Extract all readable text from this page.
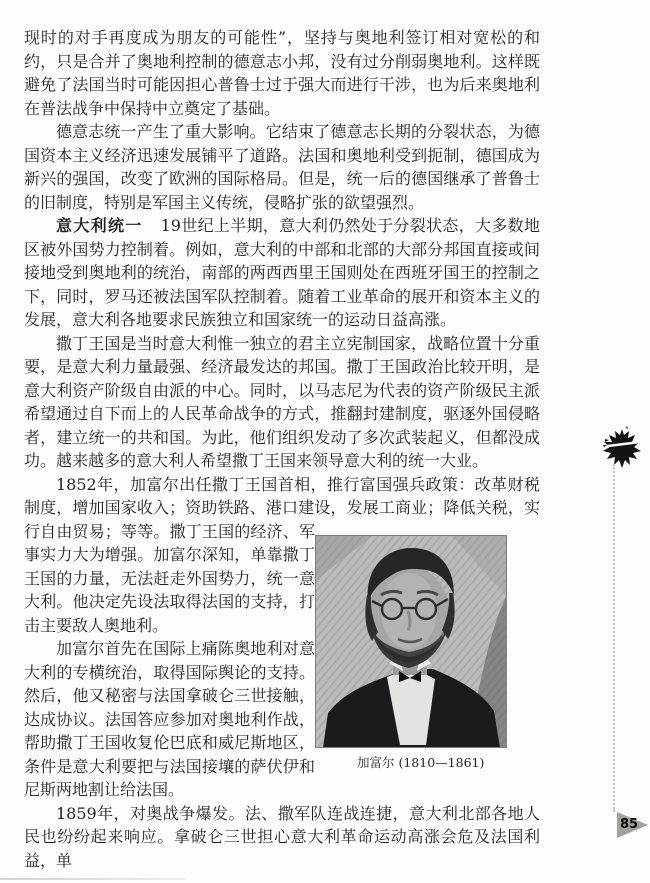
现时的对手再度成为朋友的可能性”，坚持与奥地利签订相对宽松的和约，只是合并了奥地利控制的德意志小邦，没有过分削弱奥地利。这样既避免了法国当时可能因担心普鲁士过于强大而进行干涉，也为后来奥地利在普法战争中保持中立奠定了基础。

德意志统一产生了重大影响。它结束了德意志长期的分裂状态，为德国资本主义经济迅速发展铺平了道路。法国和奥地利受到扼制，德国成为新兴的强国，改变了欧洲的国际格局。但是，统一后的德国继承了普鲁士的旧制度，特别是军国主义传统，侵略扩张的欲望强烈。

意大利统一 19世纪上半期，意大利仍然处于分裂状态，大多数地区被外国势力控制着。例如，意大利的中部和北部的大部分邦国直接或间接地受到奥地利的统治，南部的两西西里王国则处在西班牙国王的控制之下，同时，罗马还被法国军队控制着。随着工业革命的展开和资本主义的发展，意大利各地要求民族独立和国家统一的运动日益高涨。

撒丁王国是当时意大利惟一独立的君主立宪制国家，战略位置十分重要，是意大利力量最强、经济最发达的邦国。撒丁王国政治比较开明，是意大利资产阶级自由派的中心。同时，以马志尼为代表的资产阶级民主派希望通过自下而上的人民革命战争的方式，推翻封建制度，驱逐外国侵略者，建立统一的共和国。为此，他们组织发动了多次武装起义，但都没成功。越来越多的意大利人希望撒丁王国来领导意大利的统一大业。

加富尔 (1810—1861)

1852年，加富尔出任撒丁王国首相，推行富国强兵政策：改革财税制度，增加国家收入；资助铁路、港口建设，发展工商业；降低关税，实行自由贸易；等等。撒丁王国的经济、军事实力大为增强。加富尔深知，单靠撒丁王国的力量，无法赶走外国势力，统一意大利。他决定先设法取得法国的支持，打击主要敌人奥地利。

加富尔首先在国际上痛陈奥地利对意大利的专横统治，取得国际舆论的支持。然后，他又秘密与法国拿破仑三世接触，达成协议。法国答应参加对奥地利作战，帮助撒丁王国收复伦巴底和威尼斯地区，条件是意大利要把与法国接壤的萨伏伊和尼斯两地割让给法国。

1859年，对奥战争爆发。法、撒军队连战连捷，意大利北部各地人民也纷纷起来响应。拿破仑三世担心意大利革命运动高涨会危及法国利益，单

85
